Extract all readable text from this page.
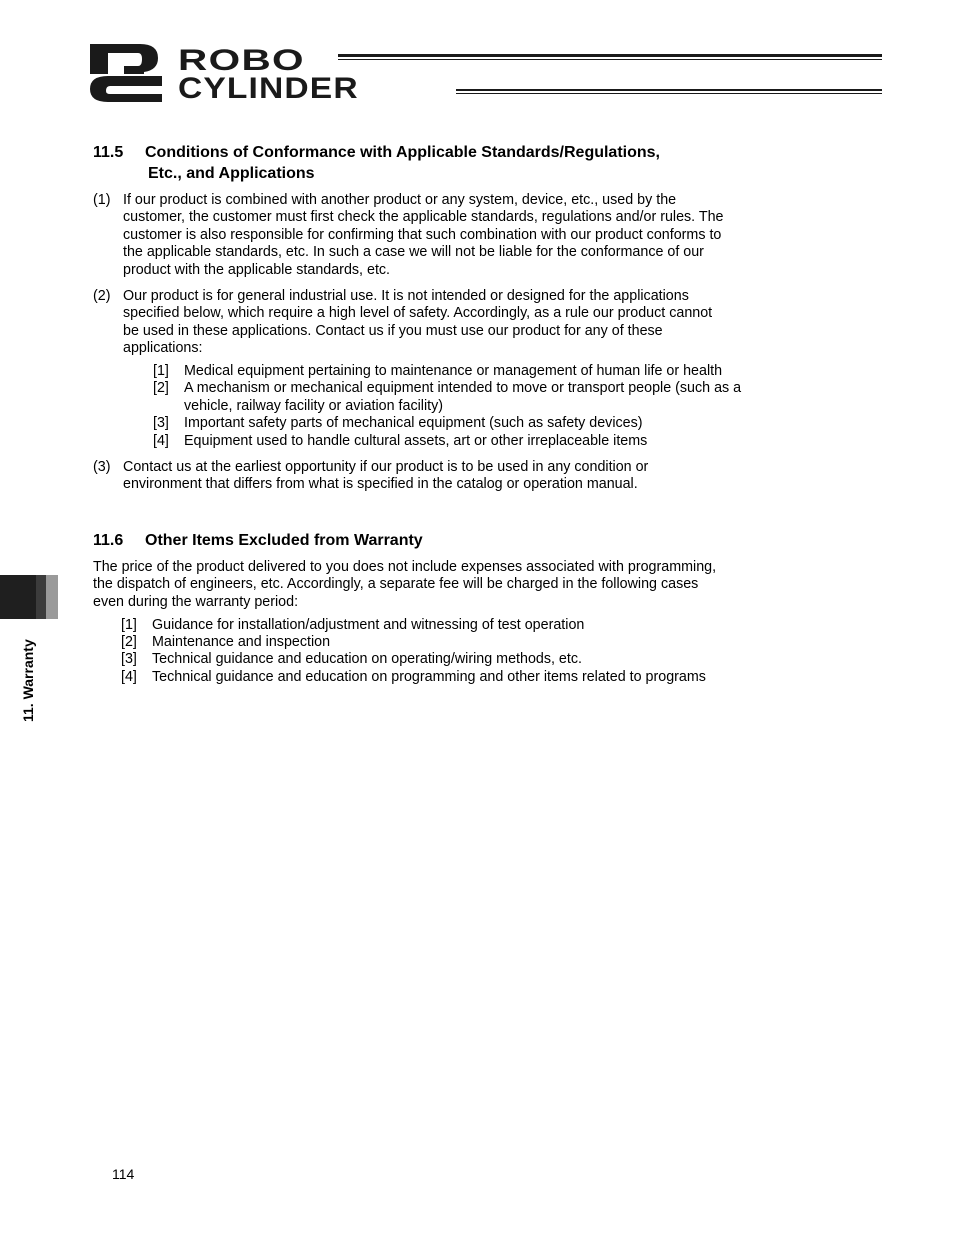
ROBO
CYLINDER
11. Warranty
11.5 Conditions of Conformance with Applicable Standards/Regulations,
Etc., and Applications
(1) If our product is combined with another product or any system, device, etc., used by the
customer, the customer must first check the applicable standards, regulations and/or rules. The
customer is also responsible for confirming that such combination with our product conforms to
the applicable standards, etc. In such a case we will not be liable for the conformance of our
product with the applicable standards, etc.
(2) Our product is for general industrial use. It is not intended or designed for the applications
specified below, which require a high level of safety. Accordingly, as a rule our product cannot
be used in these applications. Contact us if you must use our product for any of these
applications:
[1] Medical equipment pertaining to maintenance or management of human life or health
[2] A mechanism or mechanical equipment intended to move or transport people (such as a
vehicle, railway facility or aviation facility)
[3] Important safety parts of mechanical equipment (such as safety devices)
[4] Equipment used to handle cultural assets, art or other irreplaceable items
(3) Contact us at the earliest opportunity if our product is to be used in any condition or
environment that differs from what is specified in the catalog or operation manual.
11.6 Other Items Excluded from Warranty
The price of the product delivered to you does not include expenses associated with programming,
the dispatch of engineers, etc. Accordingly, a separate fee will be charged in the following cases
even during the warranty period:
[1] Guidance for installation/adjustment and witnessing of test operation
[2] Maintenance and inspection
[3] Technical guidance and education on operating/wiring methods, etc.
[4] Technical guidance and education on programming and other items related to programs
114
